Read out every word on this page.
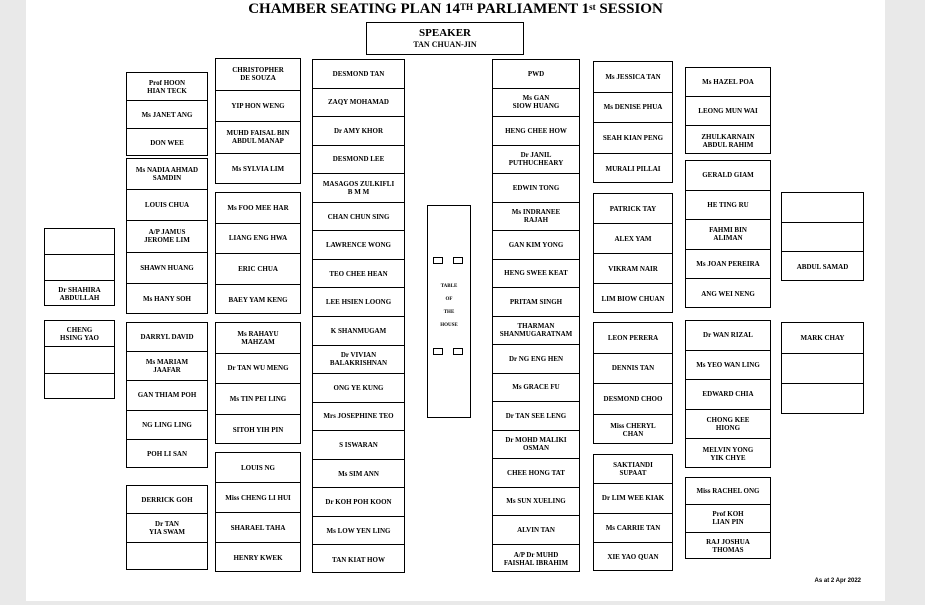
CHAMBER SEATING PLAN 14TH PARLIAMENT 1st SESSION
SPEAKER
TAN CHUAN-JIN
TABLE
OF
THE
HOUSE
Dr SHAHIRA
ABDULLAH
CHENG
HSING YAO
Prof HOON
HIAN TECK
Ms JANET ANG
DON WEE
Ms NADIA AHMAD
SAMDIN
LOUIS CHUA
A/P JAMUS
JEROME LIM
SHAWN HUANG
Ms HANY SOH
DARRYL DAVID
Ms MARIAM
JAAFAR
GAN THIAM POH
NG LING LING
POH LI SAN
DERRICK GOH
Dr TAN
YIA SWAM
CHRISTOPHER
DE SOUZA
YIP HON WENG
MUHD FAISAL BIN
ABDUL MANAP
Ms SYLVIA LIM
Ms FOO MEE HAR
LIANG ENG HWA
ERIC CHUA
BAEY YAM KENG
Ms RAHAYU
MAHZAM
Dr TAN WU MENG
Ms TIN PEI LING
SITOH YIH PIN
LOUIS NG
Miss CHENG LI HUI
SHARAEL TAHA
HENRY KWEK
DESMOND TAN
ZAQY MOHAMAD
Dr AMY KHOR
DESMOND LEE
MASAGOS ZULKIFLI
B M M
CHAN CHUN SING
LAWRENCE WONG
TEO CHEE HEAN
LEE HSIEN LOONG
K SHANMUGAM
Dr VIVIAN
BALAKRISHNAN
ONG YE KUNG
Mrs JOSEPHINE TEO
S ISWARAN
Ms SIM ANN
Dr KOH POH KOON
Ms LOW YEN LING
TAN KIAT HOW
PWD
Ms GAN
SIOW HUANG
HENG CHEE HOW
Dr JANIL
PUTHUCHEARY
EDWIN TONG
Ms INDRANEE
RAJAH
GAN KIM YONG
HENG SWEE KEAT
PRITAM SINGH
THARMAN
SHANMUGARATNAM
Dr NG ENG HEN
Ms GRACE FU
Dr TAN SEE LENG
Dr MOHD MALIKI
OSMAN
CHEE HONG TAT
Ms SUN XUELING
ALVIN TAN
A/P Dr MUHD
FAISHAL IBRAHIM
Ms JESSICA TAN
Ms DENISE PHUA
SEAH KIAN PENG
MURALI PILLAI
PATRICK TAY
ALEX YAM
VIKRAM NAIR
LIM BIOW CHUAN
LEON PERERA
DENNIS TAN
DESMOND CHOO
Miss CHERYL
CHAN
SAKTIANDI
SUPAAT
Dr LIM WEE KIAK
Ms CARRIE TAN
XIE YAO QUAN
Ms HAZEL POA
LEONG MUN WAI
ZHULKARNAIN
ABDUL RAHIM
GERALD GIAM
HE TING RU
FAHMI BIN
ALIMAN
Ms JOAN PEREIRA
ANG WEI NENG
Dr WAN RIZAL
Ms YEO WAN LING
EDWARD CHIA
CHONG KEE
HIONG
MELVIN YONG
YIK CHYE
Miss RACHEL ONG
Prof KOH
LIAN PIN
RAJ JOSHUA
THOMAS
ABDUL SAMAD
MARK CHAY
As at 2 Apr 2022
